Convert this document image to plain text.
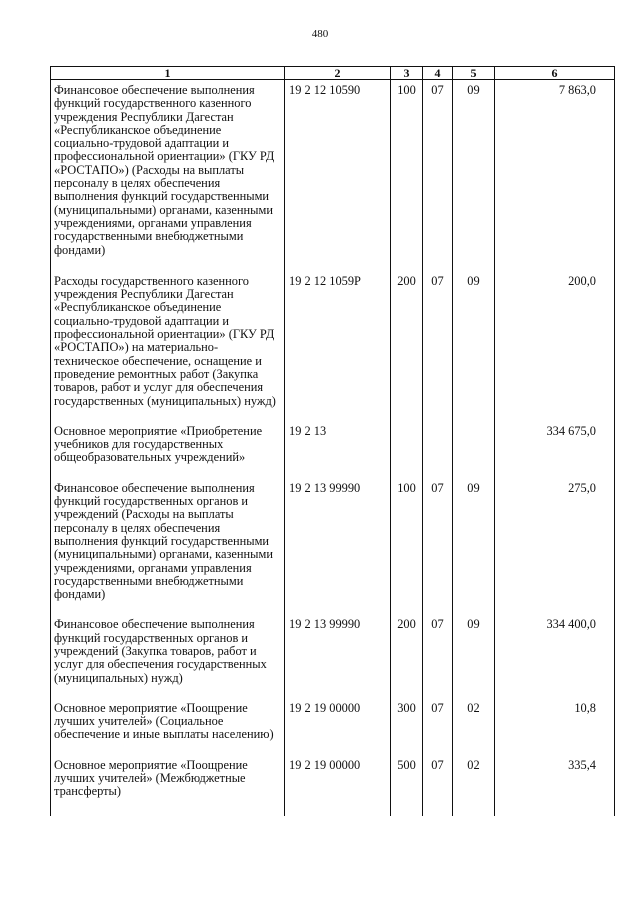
480
1	2	3	4	5	6
Финансовое обеспечение выполнения функций государственного казенного учреждения Республики Дагестан «Республиканское объединение социально-трудовой адаптации и профессиональной ориентации» (ГКУ РД «РОСТАПО») (Расходы на выплаты персоналу в целях обеспечения выполнения функций государственными (муниципальными) органами, казенными учреждениями, органами управления государственными внебюджетными фондами)	19 2 12 10590	100	07	09	7 863,0

Расходы государственного казенного учреждения Республики Дагестан «Республиканское объединение социально-трудовой адаптации и профессиональной ориентации» (ГКУ РД «РОСТАПО») на материально-техническое обеспечение, оснащение и проведение ремонтных работ (Закупка товаров, работ и услуг для обеспечения государственных (муниципальных) нужд)	19 2 12 1059Р	200	07	09	200,0

Основное мероприятие «Приобретение учебников для государственных общеобразовательных учреждений»	19 2 13				334 675,0

Финансовое обеспечение выполнения функций государственных органов и учреждений (Расходы на выплаты персоналу в целях обеспечения выполнения функций государственными (муниципальными) органами, казенными учреждениями, органами управления государственными внебюджетными фондами)	19 2 13 99990	100	07	09	275,0

Финансовое обеспечение выполнения функций государственных органов и учреждений (Закупка товаров, работ и услуг для обеспечения государственных (муниципальных) нужд)	19 2 13 99990	200	07	09	334 400,0

Основное мероприятие «Поощрение лучших учителей» (Социальное обеспечение и иные выплаты населению)	19 2 19 00000	300	07	02	10,8

Основное мероприятие «Поощрение лучших учителей» (Межбюджетные трансферты)	19 2 19 00000	500	07	02	335,4
